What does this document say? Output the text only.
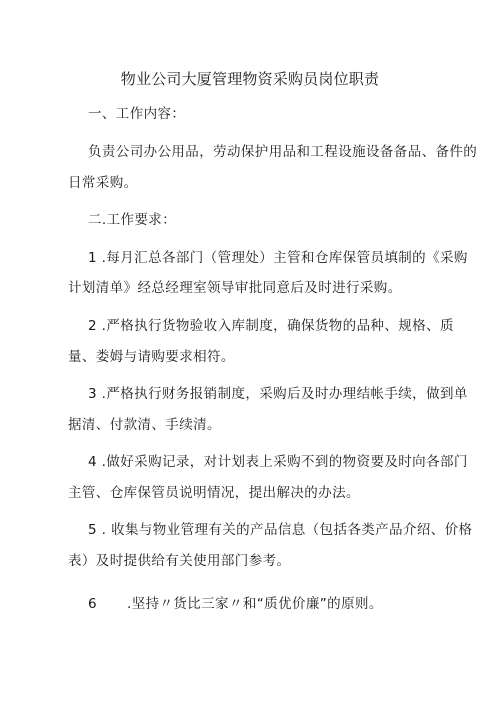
物业公司大厦管理物资采购员岗位职责
一、工作内容：
负责公司办公用品，劳动保护用品和工程设施设备备品、备件的
日常采购。
二.工作要求：
1 .每月汇总各部门（管理处）主管和仓库保管员填制的《采购
计划清单》经总经理室领导审批同意后及时进行采购。
2 .严格执行货物验收入库制度，确保货物的品种、规格、质
量、娄姆与请购要求相符。
3 .严格执行财务报销制度，采购后及时办理结帐手续，做到单
据清、付款清、手续清。
4 .做好采购记录，对计划表上采购不到的物资要及时向各部门
主管、仓库保管员说明情况，提出解决的办法。
5 . 收集与物业管理有关的产品信息（包括各类产品介绍、价格
表）及时提供给有关使用部门参考。
6 .坚持〃货比三家〃和“质优价廉”的原则。
